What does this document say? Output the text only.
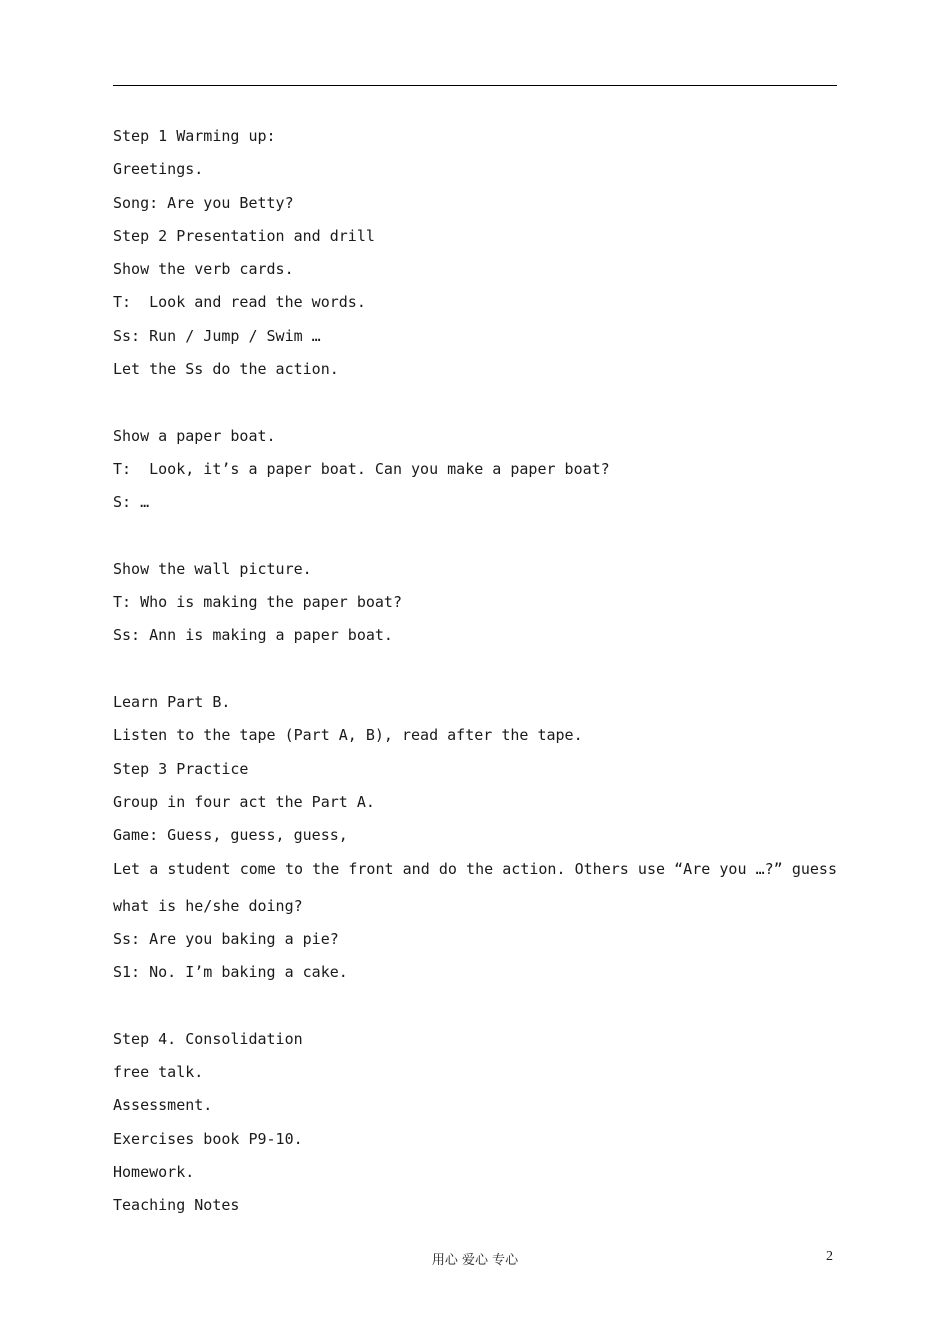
Step 1 Warming up:
Greetings.
Song: Are you Betty?
Step 2 Presentation and drill
Show the verb cards.
T:  Look and read the words.
Ss: Run / Jump / Swim …
Let the Ss do the action.
Show a paper boat.
T:  Look, it’s a paper boat. Can you make a paper boat?
S: …
Show the wall picture.
T: Who is making the paper boat?
Ss: Ann is making a paper boat.
Learn Part B.
Listen to the tape (Part A, B), read after the tape.
Step 3 Practice
Group in four act the Part A.
Game: Guess, guess, guess,
Let a student come to the front and do the action. Others use “Are you …?” guess
what is he/she doing?
Ss: Are you baking a pie?
S1: No. I’m baking a cake.
Step 4. Consolidation
free talk.
Assessment.
Exercises book P9-10.
Homework.
Teaching Notes
用心 爱心 专心	2
